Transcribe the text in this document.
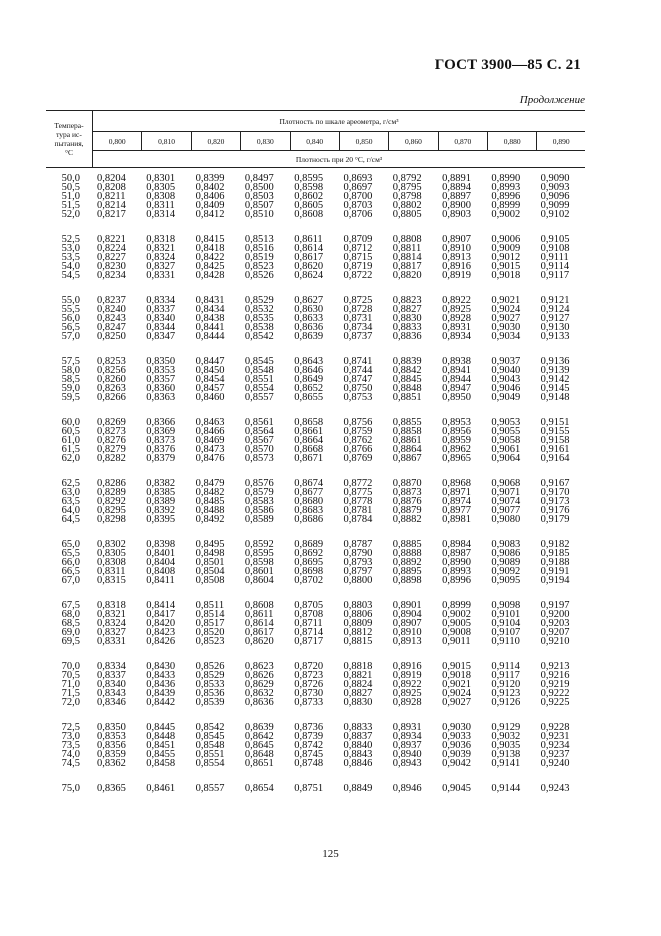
ГОСТ 3900—85 С. 21
Продолжение
Темпера-
тура ис-
пытания,
°С	Плотность по шкале ареометра, г/см³									
	0,800	0,810	0,820	0,830	0,840	0,850	0,860	0,870	0,880	0,890
	Плотность при 20 °С, г/см³									
50,0	0,8204	0,8301	0,8399	0,8497	0,8595	0,8693	0,8792	0,8891	0,8990	0,9090
50,5	0,8208	0,8305	0,8402	0,8500	0,8598	0,8697	0,8795	0,8894	0,8993	0,9093
51,0	0,8211	0,8308	0,8406	0,8503	0,8602	0,8700	0,8798	0,8897	0,8996	0,9096
51,5	0,8214	0,8311	0,8409	0,8507	0,8605	0,8703	0,8802	0,8900	0,8999	0,9099
52,0	0,8217	0,8314	0,8412	0,8510	0,8608	0,8706	0,8805	0,8903	0,9002	0,9102

52,5	0,8221	0,8318	0,8415	0,8513	0,8611	0,8709	0,8808	0,8907	0,9006	0,9105
53,0	0,8224	0,8321	0,8418	0,8516	0,8614	0,8712	0,8811	0,8910	0,9009	0,9108
53,5	0,8227	0,8324	0,8422	0,8519	0,8617	0,8715	0,8814	0,8913	0,9012	0,9111
54,0	0,8230	0,8327	0,8425	0,8523	0,8620	0,8719	0,8817	0,8916	0,9015	0,9114
54,5	0,8234	0,8331	0,8428	0,8526	0,8624	0,8722	0,8820	0,8919	0,9018	0,9117

55,0	0,8237	0,8334	0,8431	0,8529	0,8627	0,8725	0,8823	0,8922	0,9021	0,9121
55,5	0,8240	0,8337	0,8434	0,8532	0,8630	0,8728	0,8827	0,8925	0,9024	0,9124
56,0	0,8243	0,8340	0,8438	0,8535	0,8633	0,8731	0,8830	0,8928	0,9027	0,9127
56,5	0,8247	0,8344	0,8441	0,8538	0,8636	0,8734	0,8833	0,8931	0,9030	0,9130
57,0	0,8250	0,8347	0,8444	0,8542	0,8639	0,8737	0,8836	0,8934	0,9034	0,9133

57,5	0,8253	0,8350	0,8447	0,8545	0,8643	0,8741	0,8839	0,8938	0,9037	0,9136
58,0	0,8256	0,8353	0,8450	0,8548	0,8646	0,8744	0,8842	0,8941	0,9040	0,9139
58,5	0,8260	0,8357	0,8454	0,8551	0,8649	0,8747	0,8845	0,8944	0,9043	0,9142
59,0	0,8263	0,8360	0,8457	0,8554	0,8652	0,8750	0,8848	0,8947	0,9046	0,9145
59,5	0,8266	0,8363	0,8460	0,8557	0,8655	0,8753	0,8851	0,8950	0,9049	0,9148

60,0	0,8269	0,8366	0,8463	0,8561	0,8658	0,8756	0,8855	0,8953	0,9053	0,9151
60,5	0,8273	0,8369	0,8466	0,8564	0,8661	0,8759	0,8858	0,8956	0,9055	0,9155
61,0	0,8276	0,8373	0,8469	0,8567	0,8664	0,8762	0,8861	0,8959	0,9058	0,9158
61,5	0,8279	0,8376	0,8473	0,8570	0,8668	0,8766	0,8864	0,8962	0,9061	0,9161
62,0	0,8282	0,8379	0,8476	0,8573	0,8671	0,8769	0,8867	0,8965	0,9064	0,9164

62,5	0,8286	0,8382	0,8479	0,8576	0,8674	0,8772	0,8870	0,8968	0,9068	0,9167
63,0	0,8289	0,8385	0,8482	0,8579	0,8677	0,8775	0,8873	0,8971	0,9071	0,9170
63,5	0,8292	0,8389	0,8485	0,8583	0,8680	0,8778	0,8876	0,8974	0,9074	0,9173
64,0	0,8295	0,8392	0,8488	0,8586	0,8683	0,8781	0,8879	0,8977	0,9077	0,9176
64,5	0,8298	0,8395	0,8492	0,8589	0,8686	0,8784	0,8882	0,8981	0,9080	0,9179

65,0	0,8302	0,8398	0,8495	0,8592	0,8689	0,8787	0,8885	0,8984	0,9083	0,9182
65,5	0,8305	0,8401	0,8498	0,8595	0,8692	0,8790	0,8888	0,8987	0,9086	0,9185
66,0	0,8308	0,8404	0,8501	0,8598	0,8695	0,8793	0,8892	0,8990	0,9089	0,9188
66,5	0,8311	0,8408	0,8504	0,8601	0,8698	0,8797	0,8895	0,8993	0,9092	0,9191
67,0	0,8315	0,8411	0,8508	0,8604	0,8702	0,8800	0,8898	0,8996	0,9095	0,9194

67,5	0,8318	0,8414	0,8511	0,8608	0,8705	0,8803	0,8901	0,8999	0,9098	0,9197
68,0	0,8321	0,8417	0,8514	0,8611	0,8708	0,8806	0,8904	0,9002	0,9101	0,9200
68,5	0,8324	0,8420	0,8517	0,8614	0,8711	0,8809	0,8907	0,9005	0,9104	0,9203
69,0	0,8327	0,8423	0,8520	0,8617	0,8714	0,8812	0,8910	0,9008	0,9107	0,9207
69,5	0,8331	0,8426	0,8523	0,8620	0,8717	0,8815	0,8913	0,9011	0,9110	0,9210

70,0	0,8334	0,8430	0,8526	0,8623	0,8720	0,8818	0,8916	0,9015	0,9114	0,9213
70,5	0,8337	0,8433	0,8529	0,8626	0,8723	0,8821	0,8919	0,9018	0,9117	0,9216
71,0	0,8340	0,8436	0,8533	0,8629	0,8726	0,8824	0,8922	0,9021	0,9120	0,9219
71,5	0,8343	0,8439	0,8536	0,8632	0,8730	0,8827	0,8925	0,9024	0,9123	0,9222
72,0	0,8346	0,8442	0,8539	0,8636	0,8733	0,8830	0,8928	0,9027	0,9126	0,9225

72,5	0,8350	0,8445	0,8542	0,8639	0,8736	0,8833	0,8931	0,9030	0,9129	0,9228
73,0	0,8353	0,8448	0,8545	0,8642	0,8739	0,8837	0,8934	0,9033	0,9032	0,9231
73,5	0,8356	0,8451	0,8548	0,8645	0,8742	0,8840	0,8937	0,9036	0,9035	0,9234
74,0	0,8359	0,8455	0,8551	0,8648	0,8745	0,8843	0,8940	0,9039	0,9138	0,9237
74,5	0,8362	0,8458	0,8554	0,8651	0,8748	0,8846	0,8943	0,9042	0,9141	0,9240

75,0	0,8365	0,8461	0,8557	0,8654	0,8751	0,8849	0,8946	0,9045	0,9144	0,9243
125
